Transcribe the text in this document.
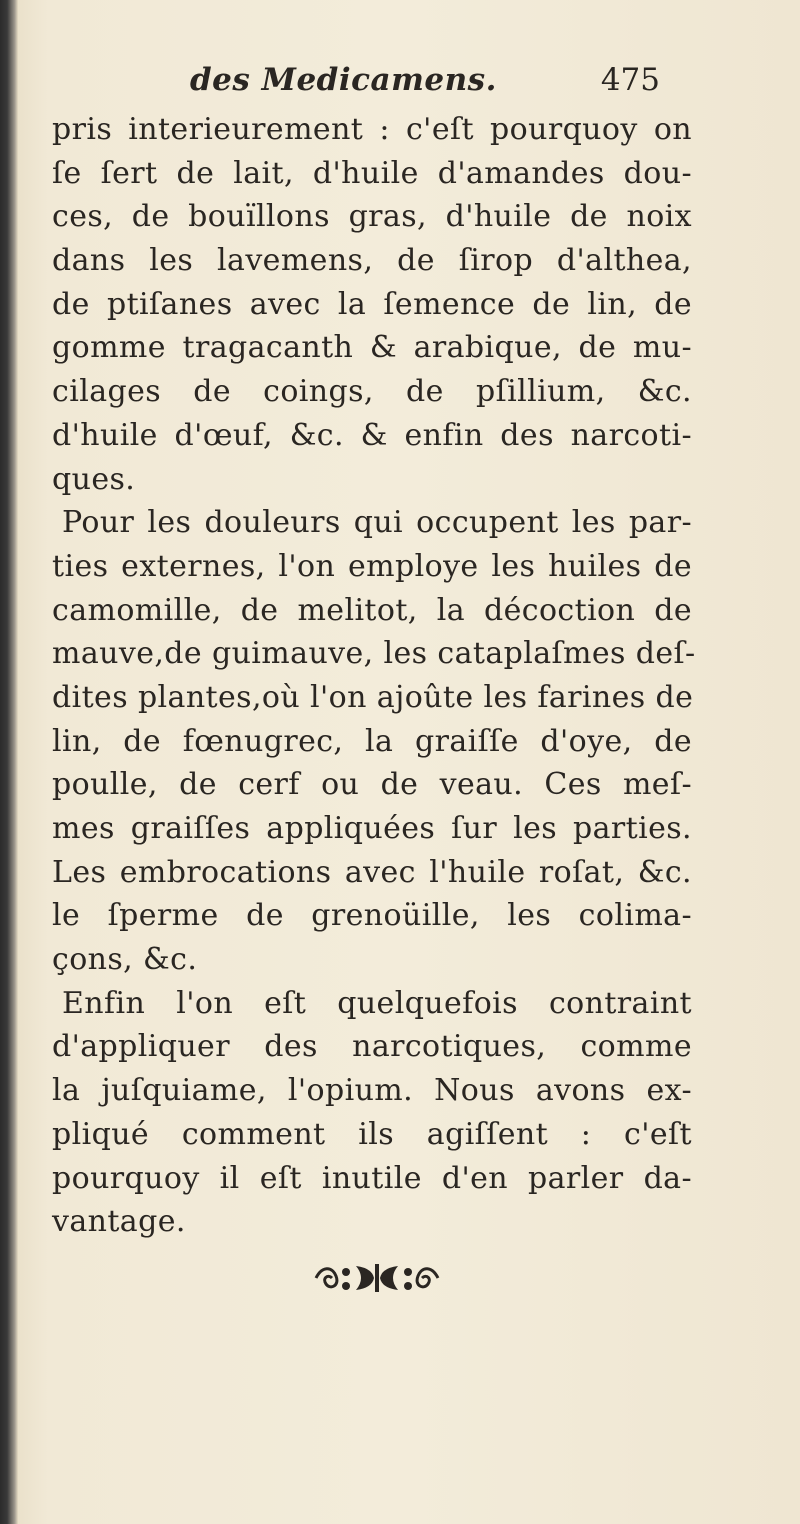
des Medicamens.	475
pris interieurement : c'eſt pourquoy on
ſe ſert de lait, d'huile d'amandes dou-
ces, de bouïllons gras, d'huile de noix
dans les lavemens, de ſirop d'althea,
de ptiſanes avec la ſemence de lin, de
gomme tragacanth & arabique, de mu-
cilages de coings, de pſillium, &c.
d'huile d'œuf, &c. & enfin des narcoti-
ques.
Pour les douleurs qui occupent les par-
ties externes, l'on employe les huiles de
camomille, de melitot, la décoction de
mauve,de guimauve, les cataplaſmes deſ-
dites plantes,où l'on ajoûte les farines de
lin, de fœnugrec, la graiſſe d'oye, de
poulle, de cerf ou de veau. Ces meſ-
mes graiſſes appliquées ſur les parties.
Les embrocations avec l'huile roſat, &c.
le ſperme de grenoüille, les colima-
çons, &c.
Enfin l'on eſt quelquefois contraint
d'appliquer des narcotiques, comme
la juſquiame, l'opium. Nous avons ex-
pliqué comment ils agiſſent : c'eſt
pourquoy il eſt inutile d'en parler da-
vantage.
